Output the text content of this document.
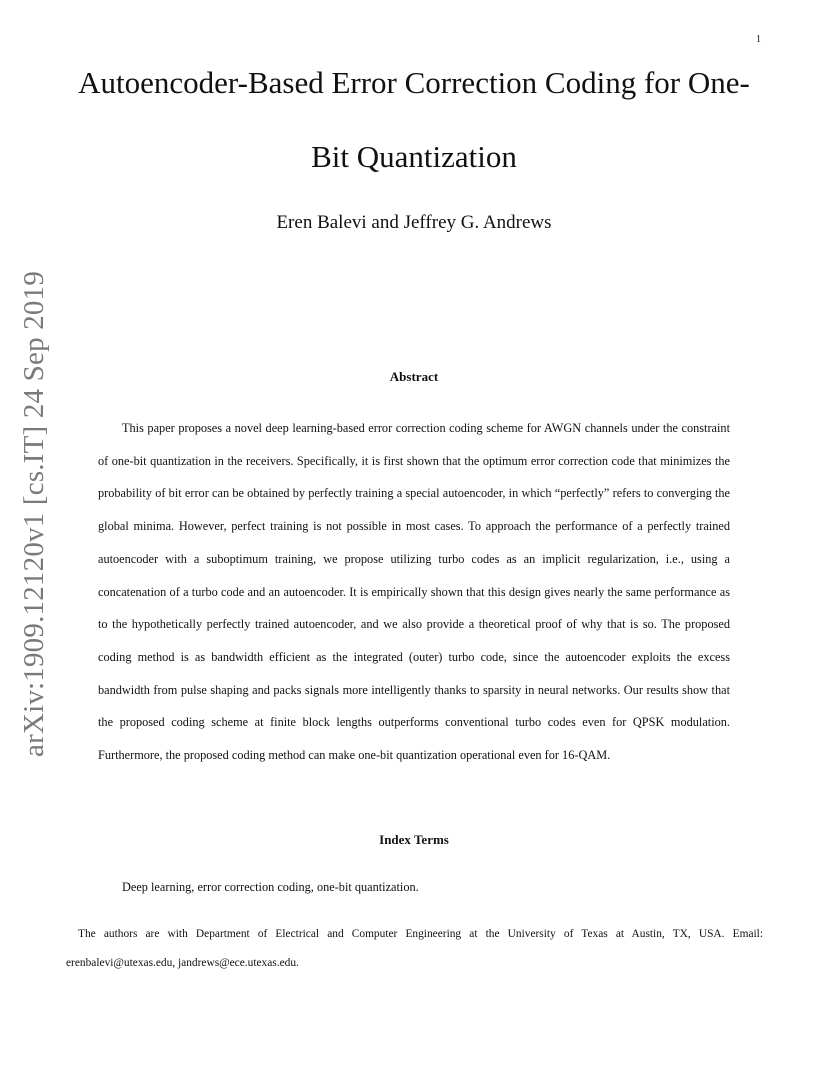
1
arXiv:1909.12120v1 [cs.IT] 24 Sep 2019
Autoencoder-Based Error Correction Coding for One-Bit Quantization
Eren Balevi and Jeffrey G. Andrews
Abstract

This paper proposes a novel deep learning-based error correction coding scheme for AWGN channels under the constraint of one-bit quantization in the receivers. Specifically, it is first shown that the optimum error correction code that minimizes the probability of bit error can be obtained by perfectly training a special autoencoder, in which “perfectly” refers to converging the global minima. However, perfect training is not possible in most cases. To approach the performance of a perfectly trained autoencoder with a suboptimum training, we propose utilizing turbo codes as an implicit regularization, i.e., using a concatenation of a turbo code and an autoencoder. It is empirically shown that this design gives nearly the same performance as to the hypothetically perfectly trained autoencoder, and we also provide a theoretical proof of why that is so. The proposed coding method is as bandwidth efficient as the integrated (outer) turbo code, since the autoencoder exploits the excess bandwidth from pulse shaping and packs signals more intelligently thanks to sparsity in neural networks. Our results show that the proposed coding scheme at finite block lengths outperforms conventional turbo codes even for QPSK modulation. Furthermore, the proposed coding method can make one-bit quantization operational even for 16-QAM.

Index Terms

Deep learning, error correction coding, one-bit quantization.

The authors are with Department of Electrical and Computer Engineering at the University of Texas at Austin, TX, USA. Email: erenbalevi@utexas.edu, jandrews@ece.utexas.edu.
